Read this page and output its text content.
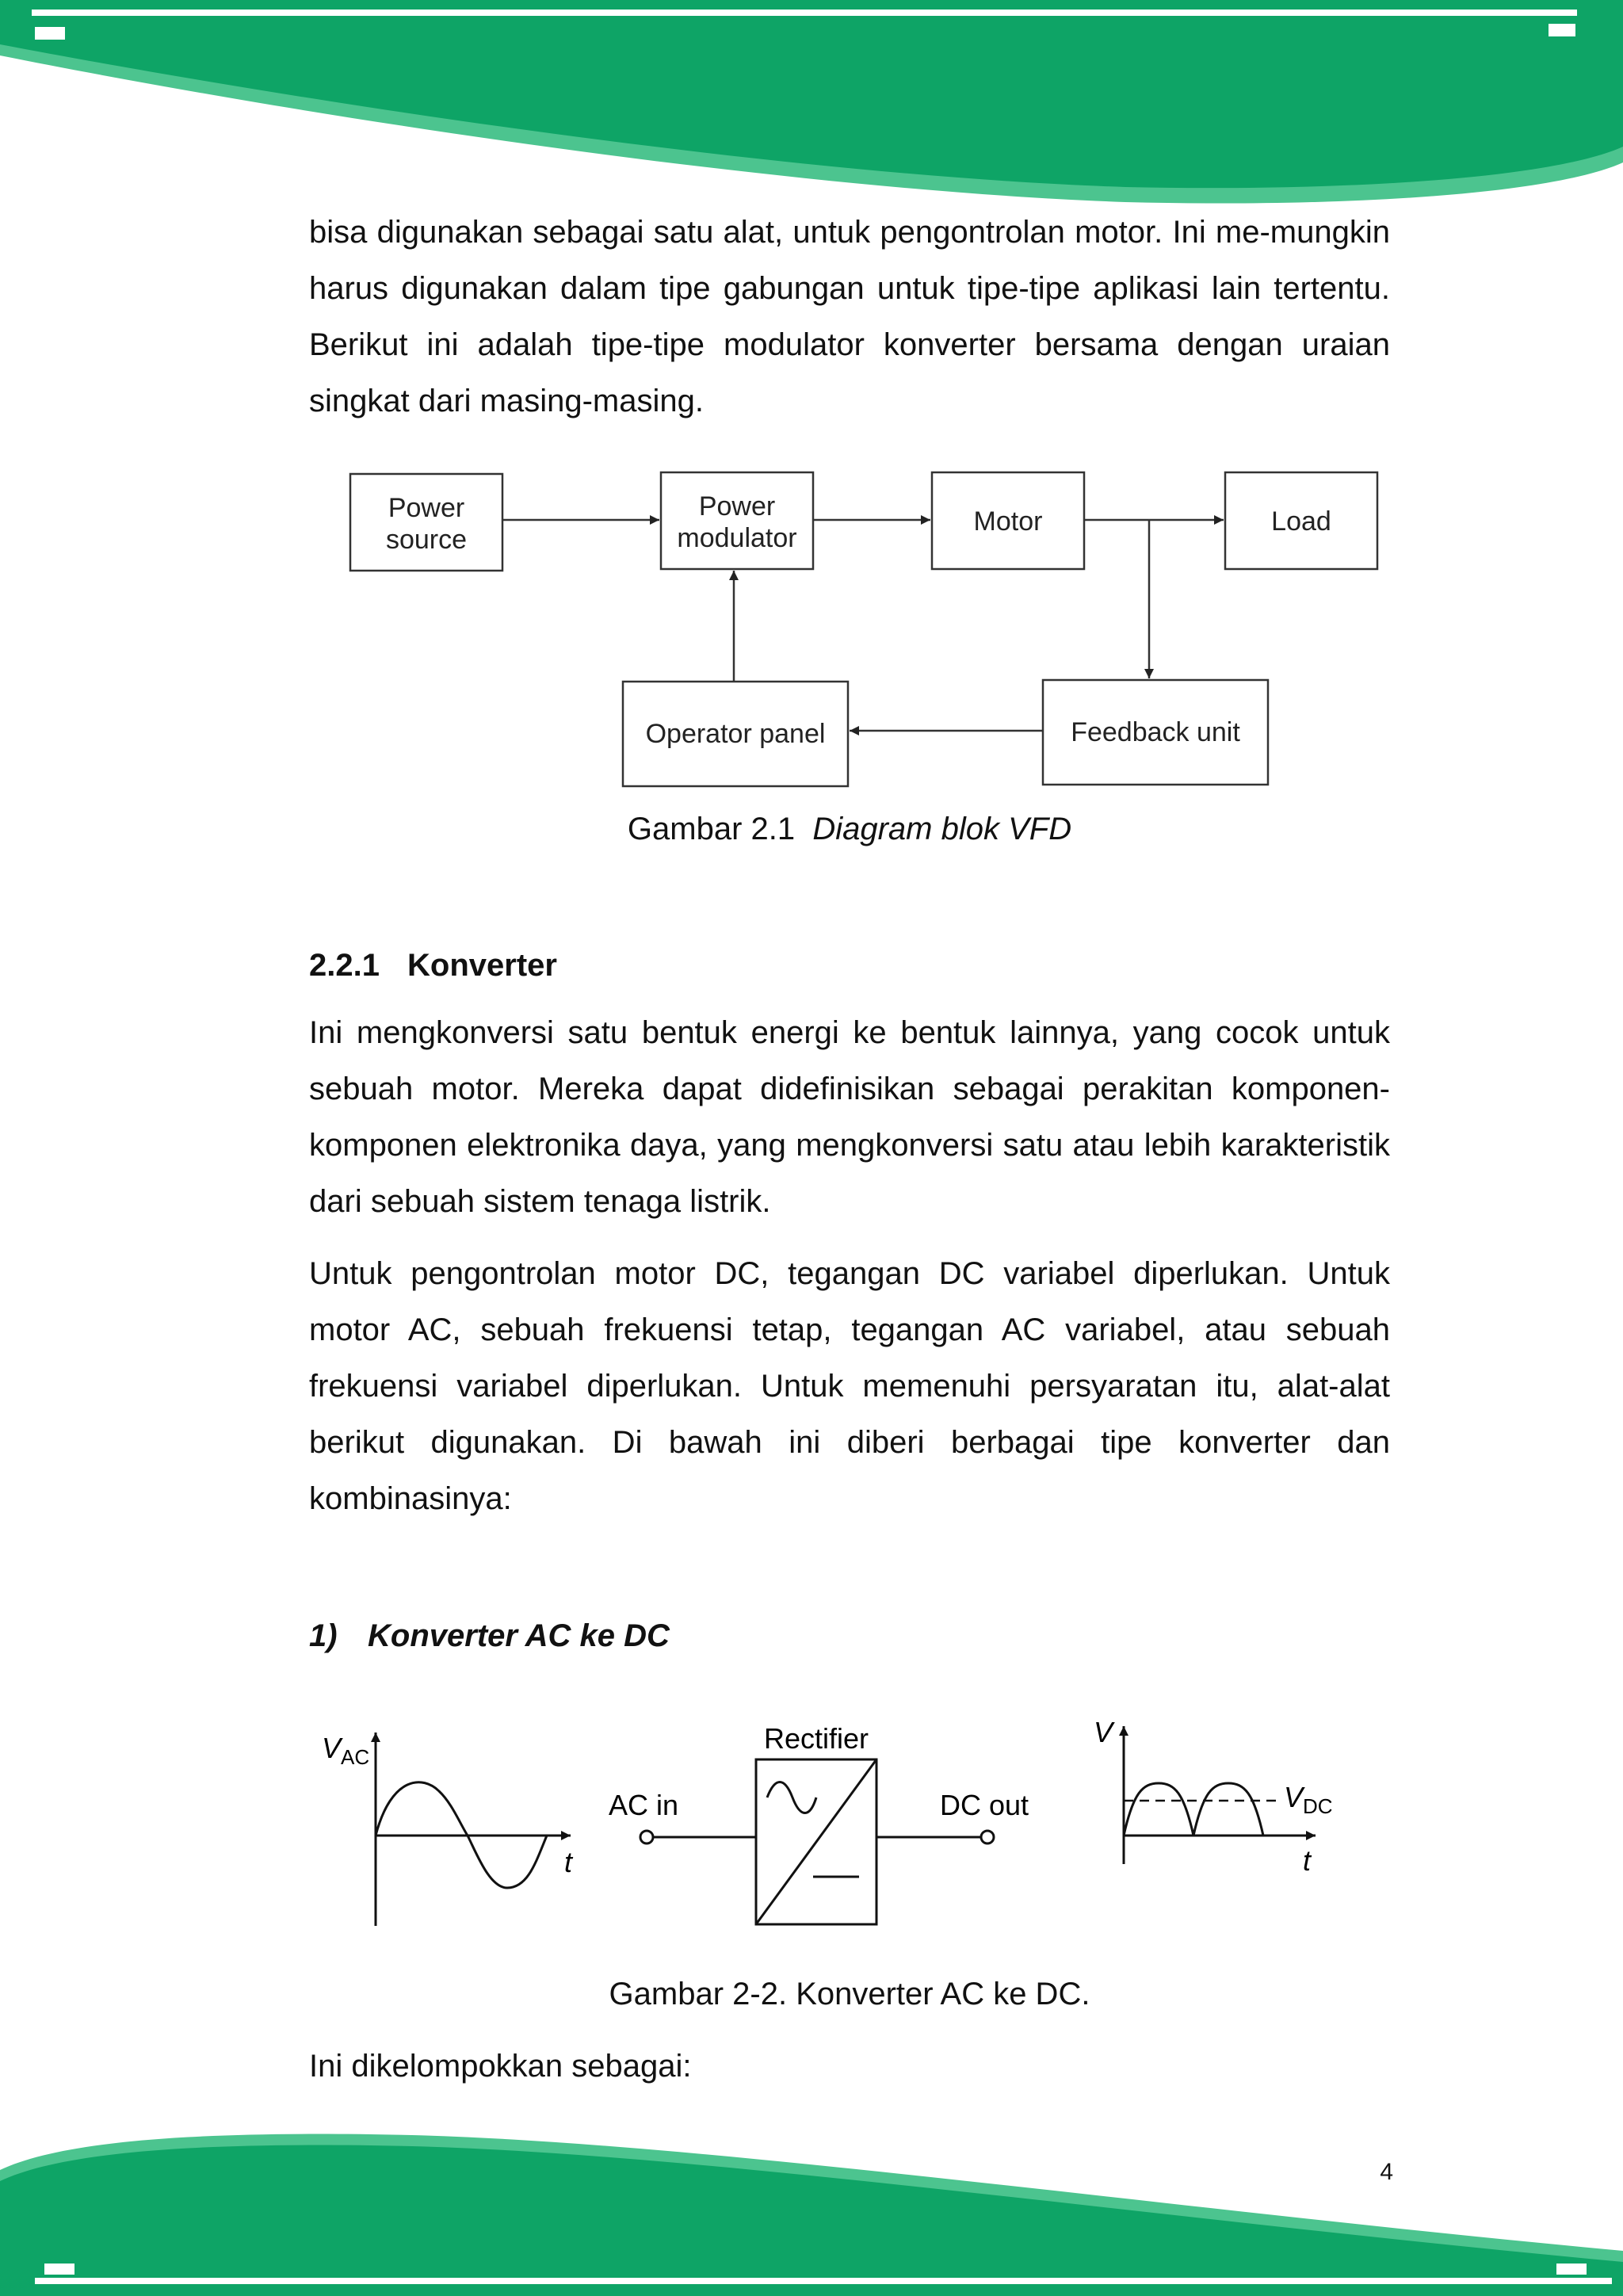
bisa digunakan sebagai satu alat, untuk pengontrolan motor. Ini me-mungkin harus digunakan dalam tipe gabungan untuk tipe-tipe aplikasi lain tertentu. Berikut ini adalah tipe-tipe modulator konverter bersama dengan uraian singkat dari masing-masing.

Power
source
Power
modulator
Motor	Load
Feedback unit
Operator panel
Gambar 2.1 Diagram blok VFD
2.2.1 Konverter

Ini mengkonversi satu bentuk energi ke bentuk lainnya, yang cocok untuk sebuah motor. Mereka dapat didefinisikan sebagai perakitan komponen-komponen elektronika daya, yang mengkonversi satu atau lebih karakteristik dari sebuah sistem tenaga listrik.

Untuk pengontrolan motor DC, tegangan DC variabel diperlukan. Untuk motor AC, sebuah frekuensi tetap, tegangan AC variabel, atau sebuah frekuensi variabel diperlukan. Untuk memenuhi persyaratan itu, alat-alat berikut digunakan. Di bawah ini diberi berbagai tipe konverter dan kombinasinya:

1) Konverter AC ke DC
$V_{AC}$
t
Rectifier
AC in	DC out
V
$V_{DC}$
t
Gambar 2-2. Konverter AC ke DC.

Ini dikelompokkan sebagai:

4
